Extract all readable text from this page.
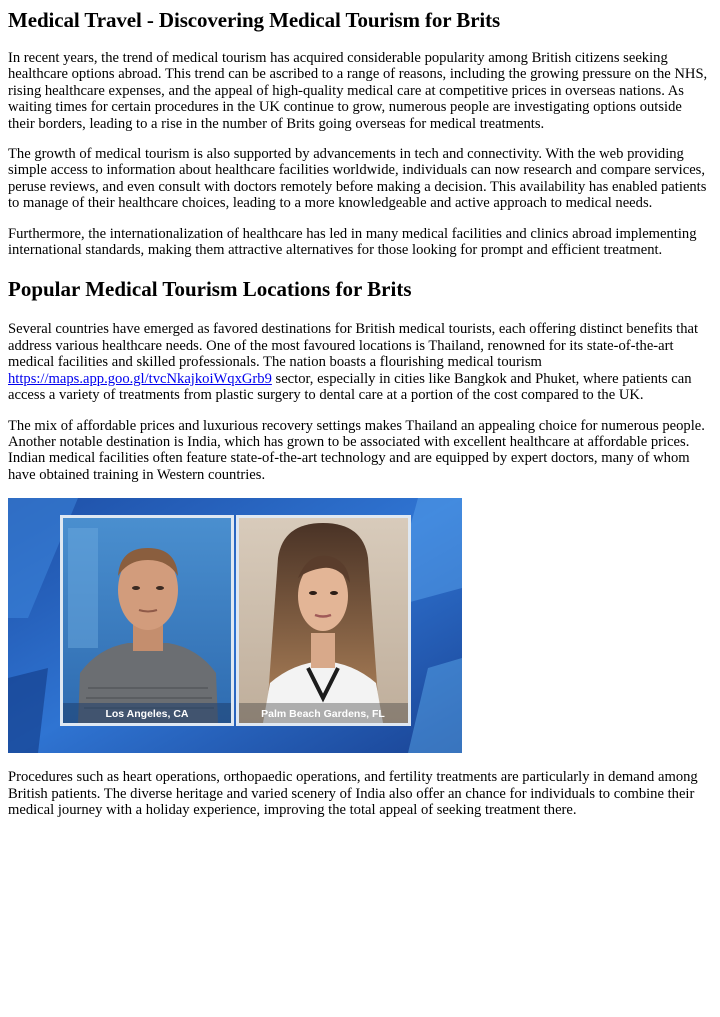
Medical Travel - Discovering Medical Tourism for Brits

In recent years, the trend of medical tourism has acquired considerable popularity among British citizens seeking healthcare options abroad. This trend can be ascribed to a range of reasons, including the growing pressure on the NHS, rising healthcare expenses, and the appeal of high-quality medical care at competitive prices in overseas nations. As waiting times for certain procedures in the UK continue to grow, numerous people are investigating options outside their borders, leading to a rise in the number of Brits going overseas for medical treatments.

The growth of medical tourism is also supported by advancements in tech and connectivity. With the web providing simple access to information about healthcare facilities worldwide, individuals can now research and compare services, peruse reviews, and even consult with doctors remotely before making a decision. This availability has enabled patients to manage of their healthcare choices, leading to a more knowledgeable and active approach to medical needs.

Furthermore, the internationalization of healthcare has led in many medical facilities and clinics abroad implementing international standards, making them attractive alternatives for those looking for prompt and efficient treatment.

Popular Medical Tourism Locations for Brits

Several countries have emerged as favored destinations for British medical tourists, each offering distinct benefits that address various healthcare needs. One of the most favoured locations is Thailand, renowned for its state-of-the-art medical facilities and skilled professionals. The nation boasts a flourishing medical tourism https://maps.app.goo.gl/tvcNkajkoiWqxGrb9 sector, especially in cities like Bangkok and Phuket, where patients can access a variety of treatments from plastic surgery to dental care at a portion of the cost compared to the UK.

The mix of affordable prices and luxurious recovery settings makes Thailand an appealing choice for numerous people. Another notable destination is India, which has grown to be associated with excellent healthcare at affordable prices. Indian medical facilities often feature state-of-the-art technology and are equipped by expert doctors, many of whom have obtained training in Western countries.

Los Angeles, CA	Palm Beach Gardens, FL

Procedures such as heart operations, orthopaedic operations, and fertility treatments are particularly in demand among British patients. The diverse heritage and varied scenery of India also offer an chance for individuals to combine their medical journey with a holiday experience, improving the total appeal of seeking treatment there.
